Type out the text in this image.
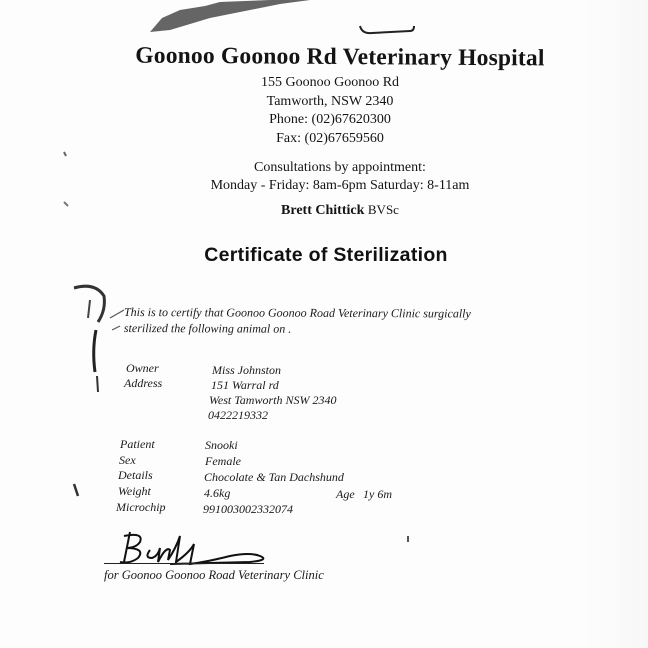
Goonoo Goonoo Rd Veterinary Hospital
155 Goonoo Goonoo Rd
Tamworth, NSW 2340
Phone: (02)67620300
Fax: (02)67659560
Consultations by appointment:
Monday - Friday: 8am-6pm Saturday: 8-11am
Brett Chittick BVSc
Certificate of Sterilization
This is to certify that Goonoo Goonoo Road Veterinary Clinic surgically
sterilized the following animal on .
Owner	Miss Johnston
Address	151 Warral rd
West Tamworth NSW 2340
0422219332
Patient	Snooki
Sex	Female
Details	Chocolate & Tan Dachshund
Weight	4.6kg	Age 1y 6m
Microchip	991003002332074
for Goonoo Goonoo Road Veterinary Clinic
